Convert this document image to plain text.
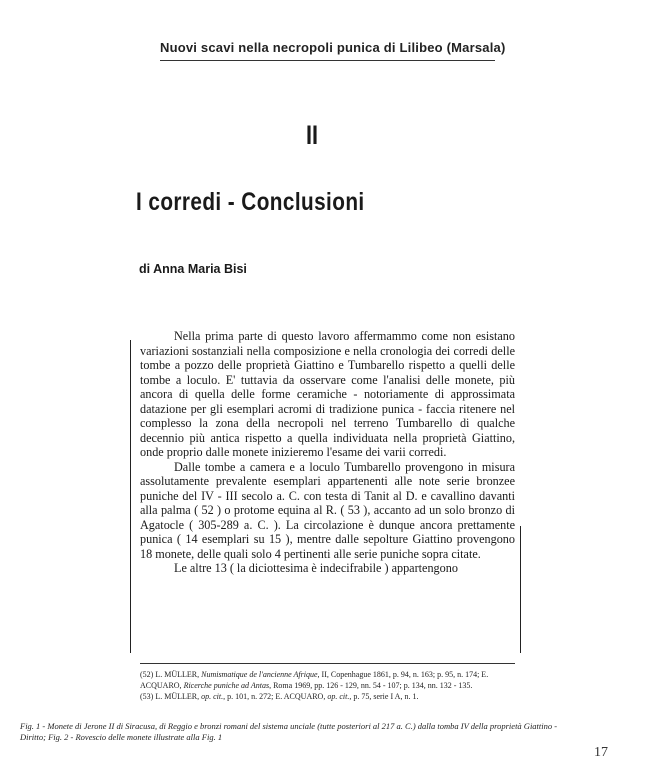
Nuovi scavi nella necropoli punica di Lilibeo (Marsala)
II
I corredi - Conclusioni
di Anna Maria Bisi

Nella prima parte di questo lavoro affermammo come non esistano variazioni sostanziali nella composizione e nella cronologia dei corredi delle tombe a pozzo delle proprietà Giattino e Tumbarello rispetto a quelli delle tombe a loculo. E' tuttavia da osservare come l'analisi delle monete, più ancora di quella delle forme ceramiche - notoriamente di approssimata datazione per gli esemplari acromi di tradizione punica - faccia ritenere nel complesso la zona della necropoli nel terreno Tumbarello di qualche decennio più antica rispetto a quella individuata nella proprietà Giattino, onde proprio dalle monete inizieremo l'esame dei varii corredi.

Dalle tombe a camera e a loculo Tumbarello provengono in misura assolutamente prevalente esemplari appartenenti alle note serie bronzee puniche del IV - III secolo a. C. con testa di Tanit al D. e cavallino davanti alla palma ( 52 ) o protome equina al R. ( 53 ), accanto ad un solo bronzo di Agatocle ( 305-289 a. C. ). La circolazione è dunque ancora prettamente punica ( 14 esemplari su 15 ), mentre dalle sepolture Giattino provengono 18 monete, delle quali solo 4 pertinenti alle serie puniche sopra citate.

Le altre 13 ( la diciottesima è indecifrabile ) appartengono

(52) L. MÜLLER, Numismatique de l'ancienne Afrique, II, Copenhague 1861, p. 94, n. 163; p. 95, n. 174; E. ACQUARO, Ricerche puniche ad Antas, Roma 1969, pp. 126 - 129, nn. 54 - 107; p. 134, nn. 132 - 135.
(53) L. MÜLLER, op. cit., p. 101, n. 272; E. ACQUARO, op. cit., p. 75, serie I A, n. 1.
Fig. 1 - Monete di Jerone II di Siracusa, di Reggio e bronzi romani del sistema unciale (tutte posteriori al 217 a. C.) dalla tomba IV della proprietà Giattino - Diritto; Fig. 2 - Rovescio delle monete illustrate alla Fig. 1
17
